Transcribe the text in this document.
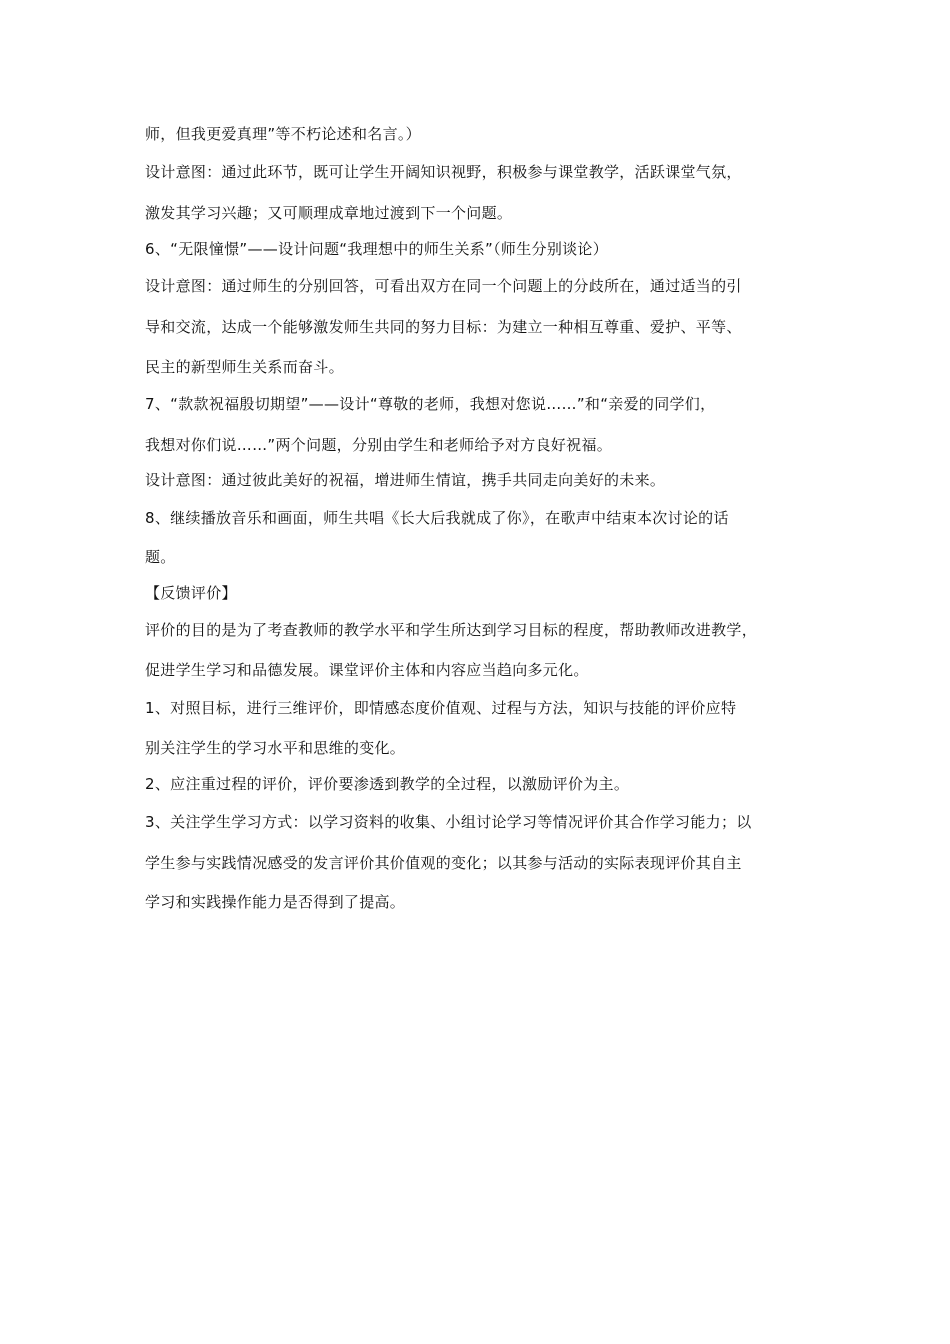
师，但我更爱真理”等不朽论述和名言。）
设计意图：通过此环节，既可让学生开阔知识视野，积极参与课堂教学，活跃课堂气氛，
激发其学习兴趣；又可顺理成章地过渡到下一个问题。
6、“无限憧憬”——设计问题“我理想中的师生关系”（师生分别谈论）
设计意图：通过师生的分别回答，可看出双方在同一个问题上的分歧所在，通过适当的引
导和交流，达成一个能够激发师生共同的努力目标：为建立一种相互尊重、爱护、平等、
民主的新型师生关系而奋斗。
7、“款款祝福殷切期望”——设计“尊敬的老师，我想对您说……”和“亲爱的同学们，
我想对你们说……”两个问题，分别由学生和老师给予对方良好祝福。
设计意图：通过彼此美好的祝福，增进师生情谊，携手共同走向美好的未来。
8、继续播放音乐和画面，师生共唱《长大后我就成了你》，在歌声中结束本次讨论的话
题。
【反馈评价】
评价的目的是为了考查教师的教学水平和学生所达到学习目标的程度，帮助教师改进教学，
促进学生学习和品德发展。课堂评价主体和内容应当趋向多元化。
1、对照目标，进行三维评价，即情感态度价值观、过程与方法，知识与技能的评价应特
别关注学生的学习水平和思维的变化。
2、应注重过程的评价，评价要渗透到教学的全过程，以激励评价为主。
3、关注学生学习方式：以学习资料的收集、小组讨论学习等情况评价其合作学习能力；以
学生参与实践情况感受的发言评价其价值观的变化；以其参与活动的实际表现评价其自主
学习和实践操作能力是否得到了提高。
